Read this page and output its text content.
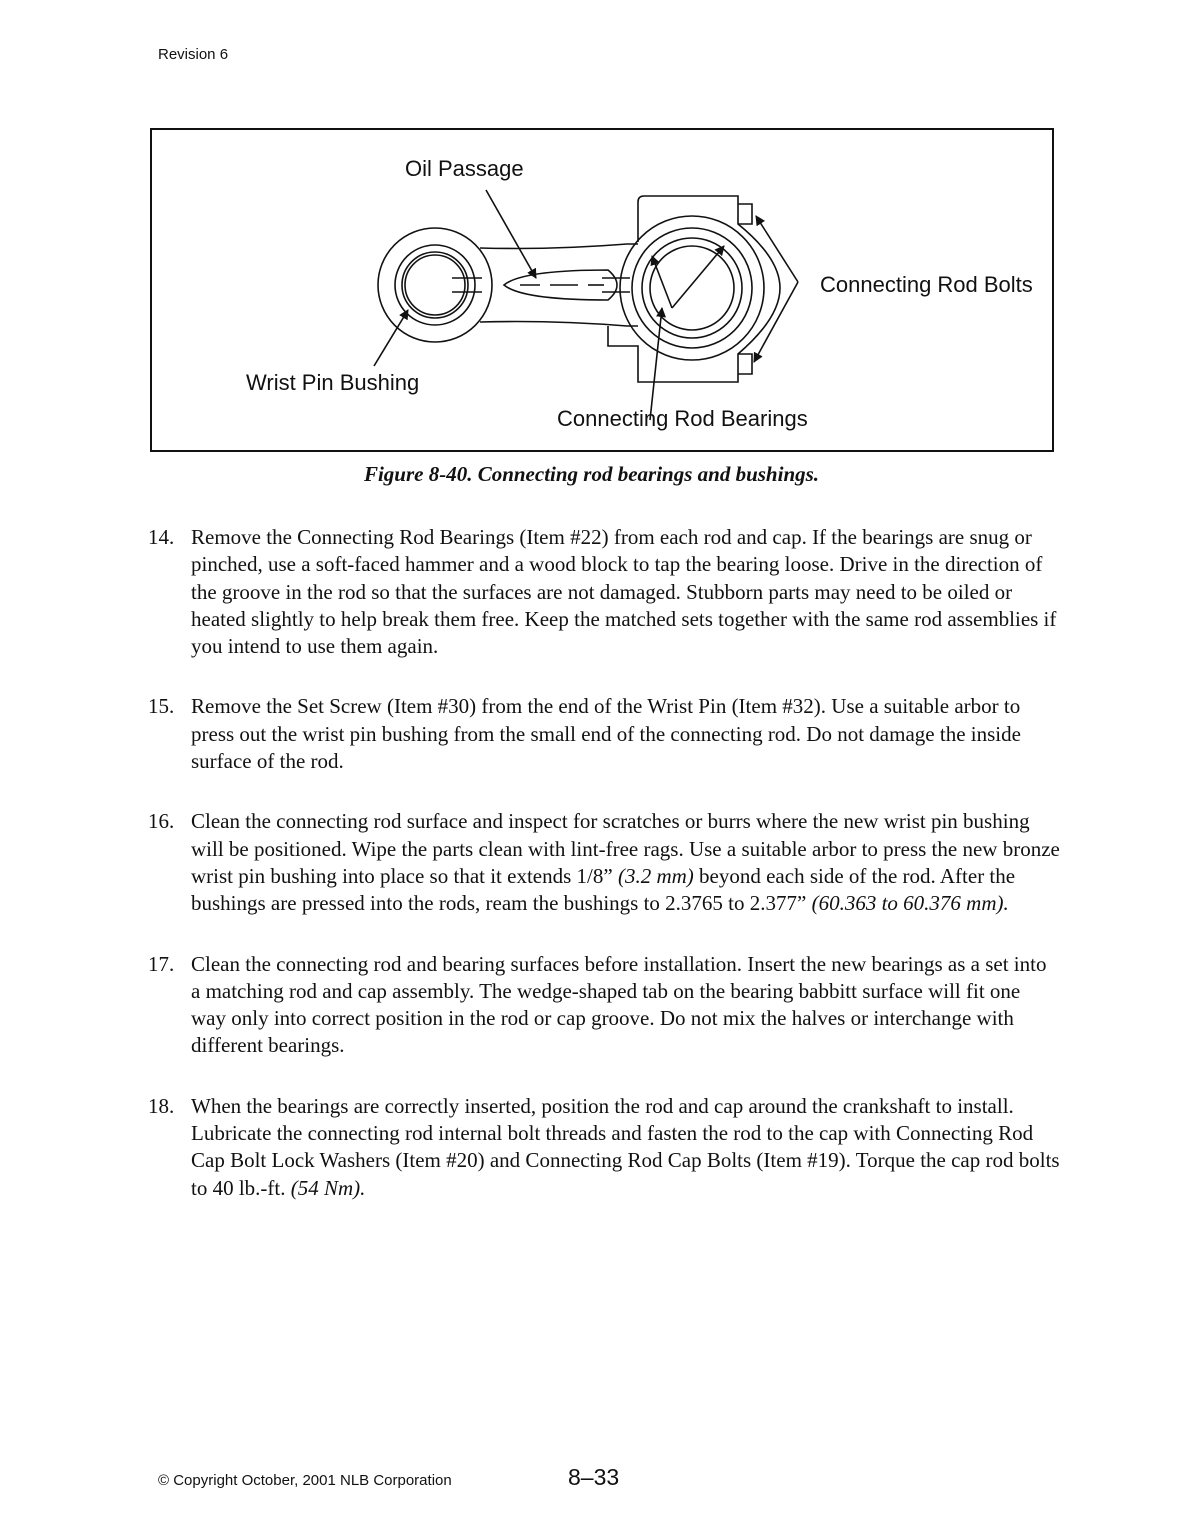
Revision 6
Oil Passage
Connecting Rod Bolts
Wrist Pin Bushing
Connecting Rod Bearings
Figure 8-40. Connecting rod bearings and bushings.
14. Remove the Connecting Rod Bearings (Item #22) from each rod and cap. If the bearings are snug or pinched, use a soft-faced hammer and a wood block to tap the bearing loose. Drive in the direction of the groove in the rod so that the surfaces are not damaged. Stubborn parts may need to be oiled or heated slightly to help break them free. Keep the matched sets together with the same rod assemblies if you intend to use them again.
15. Remove the Set Screw (Item #30) from the end of the Wrist Pin (Item #32). Use a suitable arbor to press out the wrist pin bushing from the small end of the connecting rod. Do not damage the inside surface of the rod.
16. Clean the connecting rod surface and inspect for scratches or burrs where the new wrist pin bushing will be positioned. Wipe the parts clean with lint-free rags. Use a suitable arbor to press the new bronze wrist pin bushing into place so that it extends 1/8” (3.2 mm) beyond each side of the rod. After the bushings are pressed into the rods, ream the bushings to 2.3765 to 2.377” (60.363 to 60.376 mm).
17. Clean the connecting rod and bearing surfaces before installation. Insert the new bearings as a set into a matching rod and cap assembly. The wedge-shaped tab on the bearing babbitt surface will fit one way only into correct position in the rod or cap groove. Do not mix the halves or interchange with different bearings.
18. When the bearings are correctly inserted, position the rod and cap around the crankshaft to install. Lubricate the connecting rod internal bolt threads and fasten the rod to the cap with Connecting Rod Cap Bolt Lock Washers (Item #20) and Connecting Rod Cap Bolts (Item #19). Torque the cap rod bolts to 40 lb.-ft. (54 Nm).
© Copyright October, 2001 NLB Corporation	8–33
